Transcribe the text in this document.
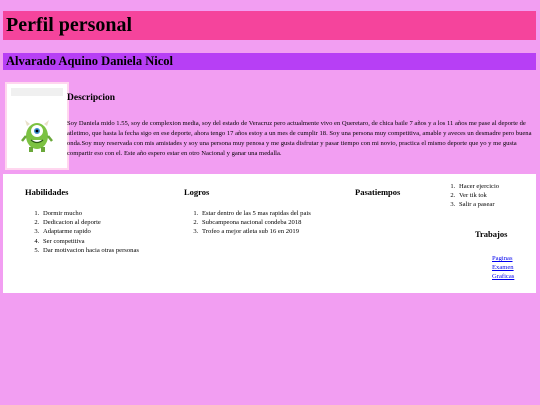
Perfil personal
Alvarado Aquino Daniela Nicol
Descripcion
Soy Daniela mido 1.55, soy de complexion media, soy del estado de Veracruz pero actualmente vivo en Queretaro, de chica baile 7 años y a los 11 años me pase al deporte de atletimo, que hasta la fecha sigo en ese deporte, ahora tengo 17 años estoy a un mes de cumplir 18. Soy una persona muy competitiva, amable y aveces un desmadre pero buena onda.Soy muy reservada con mis amistades y soy una persona muy penosa y me gusta disfrutar y pasar tiempo con mi novio, practica el mismo deporte que yo y me gusta compartir eso con el. Este año espero estar en otro Nacional y ganar una medalla.
Habilidades
1. Dormir mucho
2. Dedicacion al deporte
3. Adaptarme rapido
4. Ser competitiva
5. Dar motivacion hacia otras personas
Logros
1. Estar dentro de las 5 mas rapidas del pais
2. Subcampeona nacional condeba 2018
3. Trofeo a mejor atleta sub 16 en 2019
Pasatiempos
1. Hacer ejercicio
2. Ver tik tok
3. Salir a pasear
Trabajos
Paginas
Examen
Graficas
